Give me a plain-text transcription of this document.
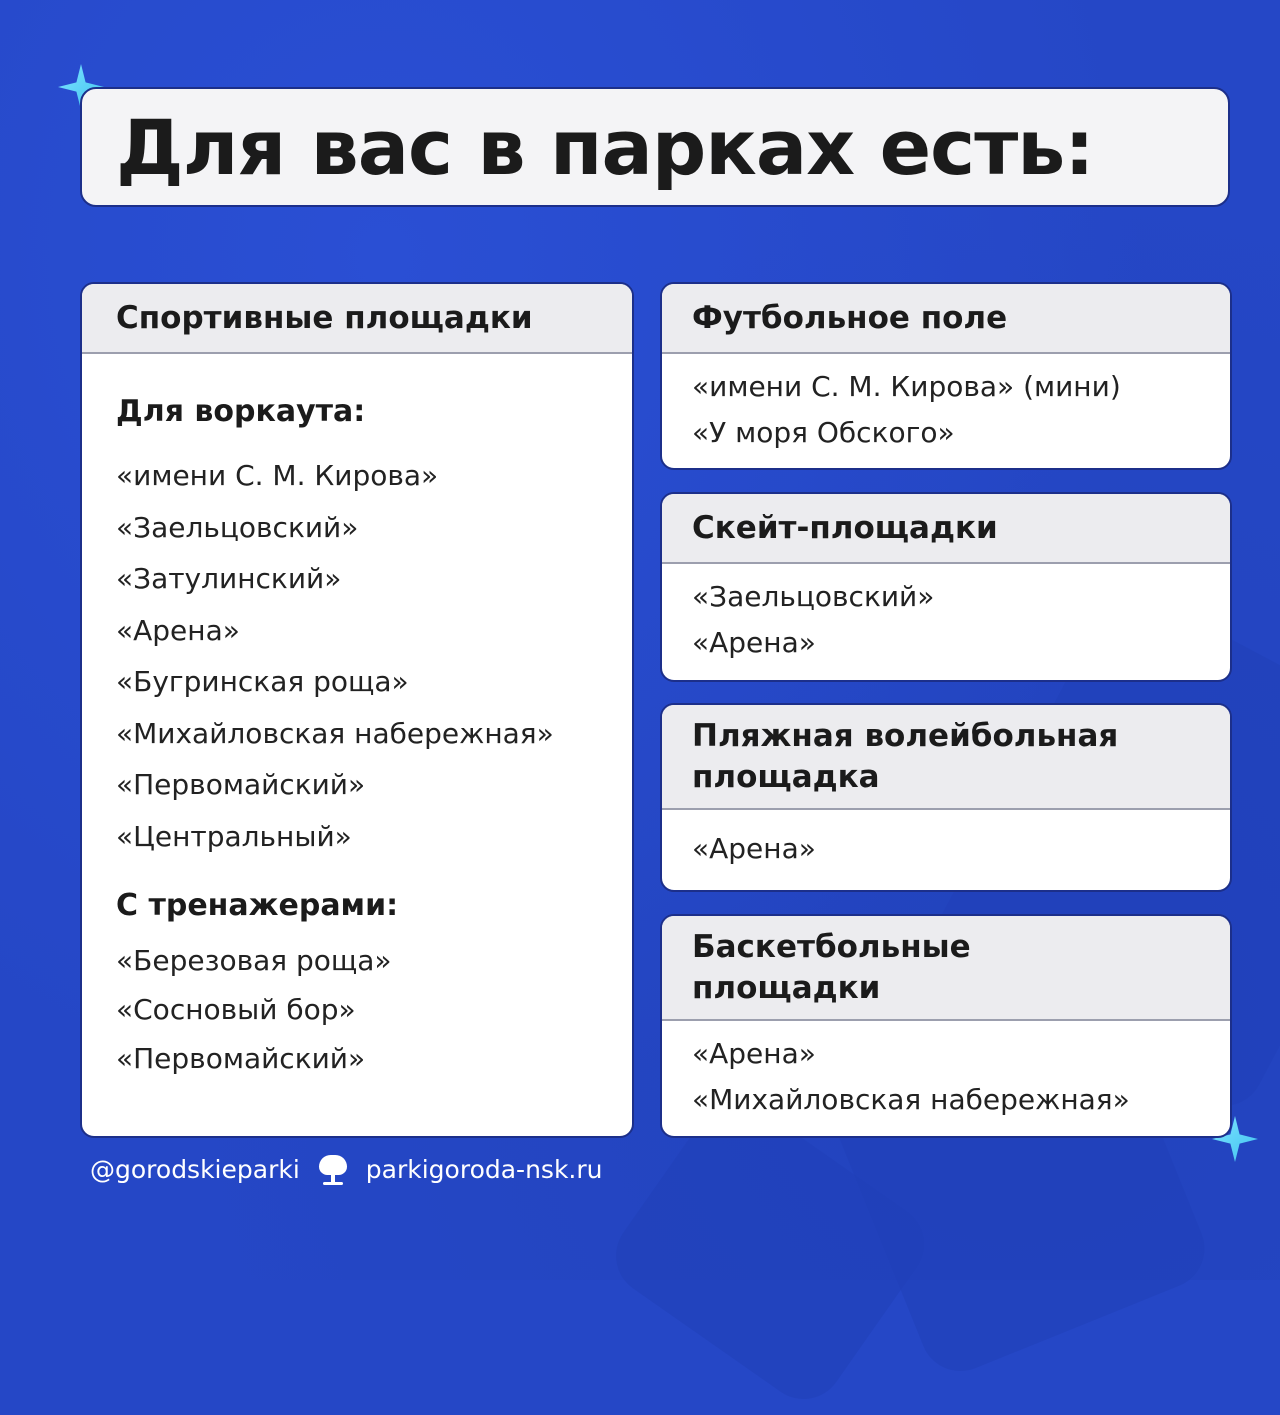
Для вас в парках есть:
Спортивные площадки
Для воркаута:
«имени С. М. Кирова»
«Заельцовский»
«Затулинский»
«Арена»
«Бугринская роща»
«Михайловская набережная»
«Первомайский»
«Центральный»
С тренажерами:
«Березовая роща»
«Сосновый бор»
«Первомайский»
Футбольное поле
«имени С. М. Кирова» (мини)
«У моря Обского»
Скейт-площадки
«Заельцовский»
«Арена»
Пляжная волейбольная
площадка
«Арена»
Баскетбольные
площадки
«Арена»
«Михайловская набережная»
@gorodskieparki	parkigoroda-nsk.ru
